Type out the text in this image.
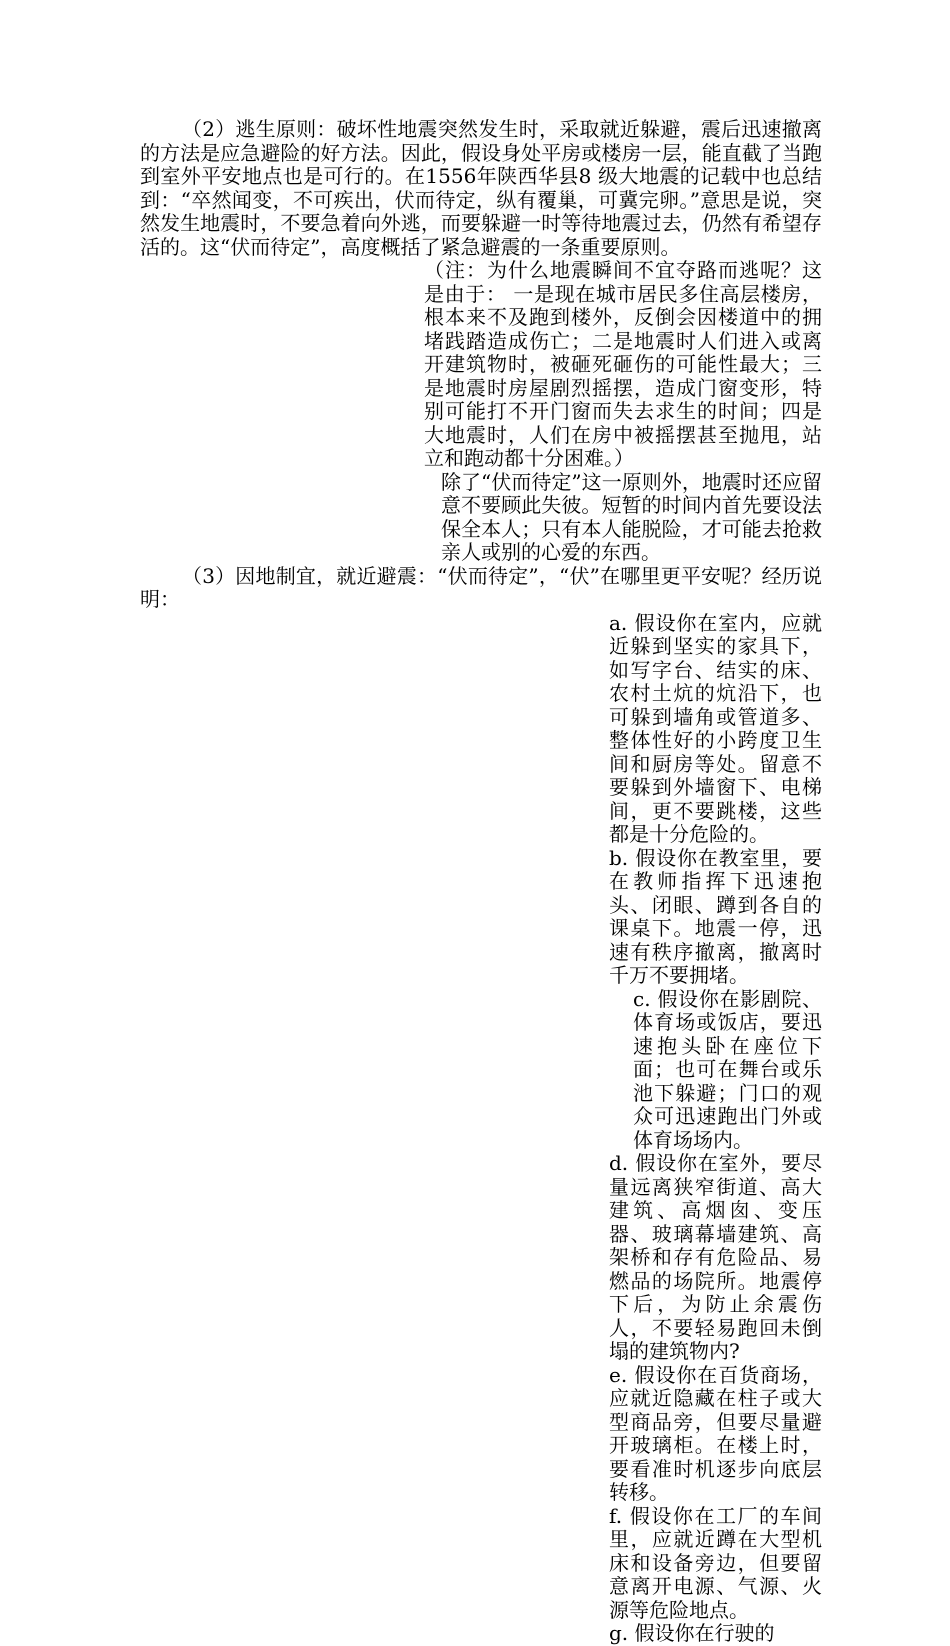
（2）逃生原则：破坏性地震突然发生时，采取就近躲避，震后迅速撤离的方法是应急避险的好方法。因此，假设身处平房或楼房一层，能直截了当跑到室外平安地点也是可行的。在1556年陕西华县8 级大地震的记载中也总结到：“卒然闻变，不可疾出，伏而待定，纵有覆巢，可冀完卵。”意思是说，突然发生地震时，不要急着向外逃，而要躲避一时等待地震过去，仍然有希望存活的。这“伏而待定”，高度概括了紧急避震的一条重要原则。

（注：为什么地震瞬间不宜夺路而逃呢？这是由于： 一是现在城市居民多住高层楼房，根本来不及跑到楼外，反倒会因楼道中的拥堵践踏造成伤亡；二是地震时人们进入或离开建筑物时，被砸死砸伤的可能性最大；三是地震时房屋剧烈摇摆，造成门窗变形，特别可能打不开门窗而失去求生的时间；四是大地震时，人们在房中被摇摆甚至抛甩，站立和跑动都十分困难。）

除了“伏而待定”这一原则外，地震时还应留意不要顾此失彼。短暂的时间内首先要设法保全本人；只有本人能脱险，才可能去抢救亲人或别的心爱的东西。

（3）因地制宜，就近避震：“伏而待定”，“伏”在哪里更平安呢？经历说明：

a. 假设你在室内，应就近躲到坚实的家具下，如写字台、结实的床、农村土炕的炕沿下，也可躲到墙角或管道多、整体性好的小跨度卫生间和厨房等处。留意不要躲到外墙窗下、电梯间，更不要跳楼，这些都是十分危险的。

b. 假设你在教室里，要在教师指挥下迅速抱头、闭眼、蹲到各自的课桌下。地震一停，迅速有秩序撤离，撤离时千万不要拥堵。

c. 假设你在影剧院、体育场或饭店，要迅速抱头卧在座位下面；也可在舞台或乐池下躲避；门口的观众可迅速跑出门外或体育场场内。

d. 假设你在室外，要尽量远离狭窄街道、高大建筑、高烟囱、变压器、玻璃幕墙建筑、高架桥和存有危险品、易燃品的场院所。地震停下后，为防止余震伤人，不要轻易跑回未倒塌的建筑物内?

e. 假设你在百货商场，应就近隐藏在柱子或大型商品旁，但要尽量避开玻璃柜。在楼上时，要看准时机逐步向底层转移。

f. 假设你在工厂的车间里，应就近蹲在大型机床和设备旁边，但要留意离开电源、气源、火源等危险地点。

g. 假设你在行驶的
